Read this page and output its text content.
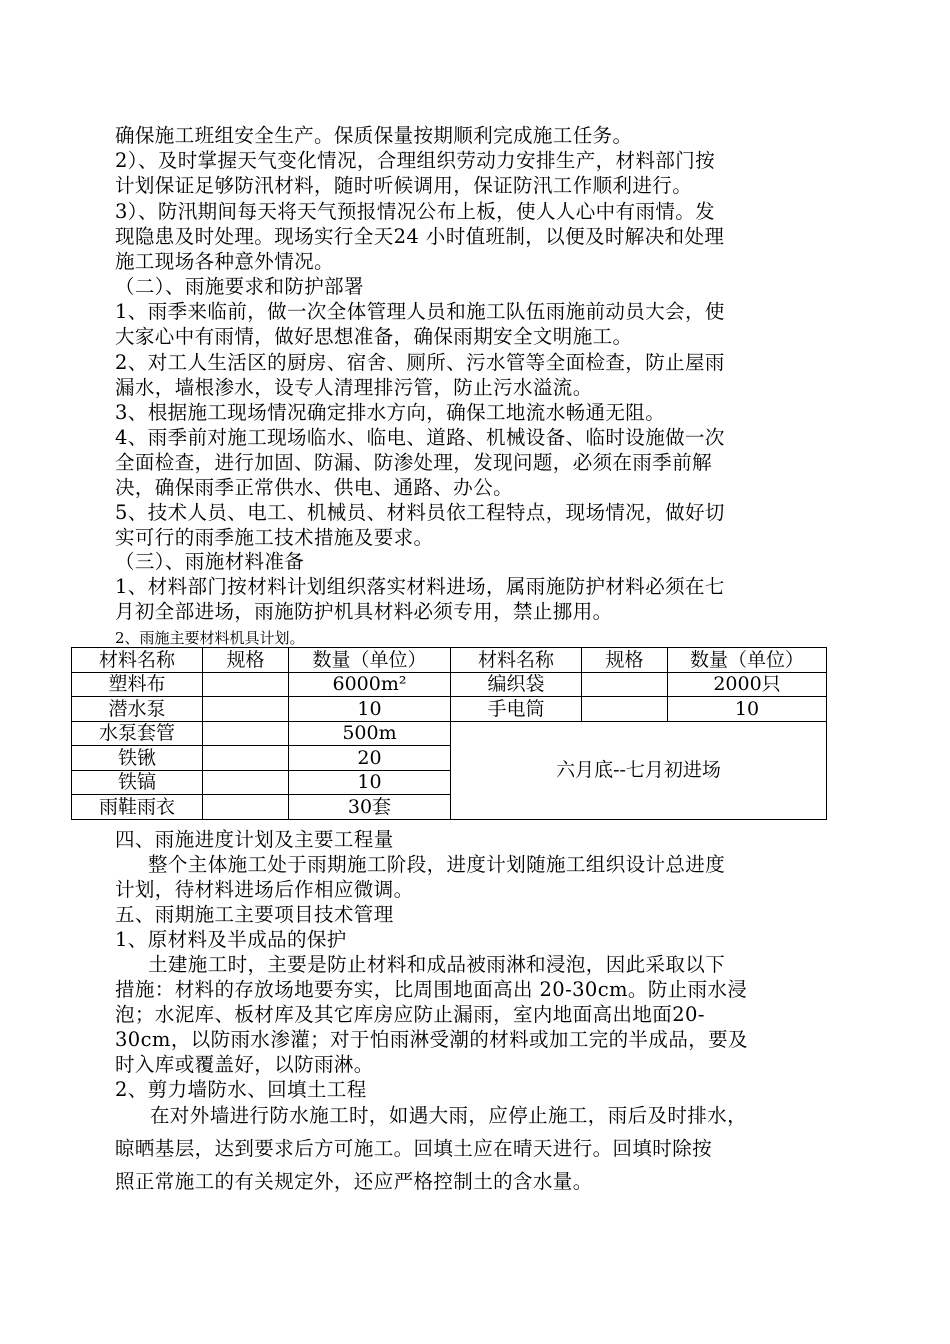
确保施工班组安全生产。保质保量按期顺利完成施工任务。
2）、及时掌握天气变化情况，合理组织劳动力安排生产，材料部门按
计划保证足够防汛材料，随时听候调用，保证防汛工作顺利进行。
3）、防汛期间每天将天气预报情况公布上板，使人人心中有雨情。发
现隐患及时处理。现场实行全天24 小时值班制，以便及时解决和处理
施工现场各种意外情况。
（二）、雨施要求和防护部署
1、雨季来临前，做一次全体管理人员和施工队伍雨施前动员大会，使
大家心中有雨情，做好思想准备，确保雨期安全文明施工。
2、对工人生活区的厨房、宿舍、厕所、污水管等全面检查，防止屋雨
漏水，墙根渗水，设专人清理排污管，防止污水溢流。
3、根据施工现场情况确定排水方向，确保工地流水畅通无阻。
4、雨季前对施工现场临水、临电、道路、机械设备、临时设施做一次
全面检查，进行加固、防漏、防渗处理，发现问题，必须在雨季前解
决，确保雨季正常供水、供电、通路、办公。
5、技术人员、电工、机械员、材料员依工程特点，现场情况，做好切
实可行的雨季施工技术措施及要求。
（三）、雨施材料准备
1、材料部门按材料计划组织落实材料进场，属雨施防护材料必须在七
月初全部进场，雨施防护机具材料必须专用，禁止挪用。
2、雨施主要材料机具计划。
材料名称	规格	数量（单位）	材料名称	规格	数量（单位）
塑料布		6000m²	编织袋		2000只
潜水泵		10	手电筒		10
水泵套管		500m	六月底--七月初进场		
铁锹		20			
铁镐		10			
雨鞋雨衣		30套			
四、雨施进度计划及主要工程量
整个主体施工处于雨期施工阶段，进度计划随施工组织设计总进度
计划，待材料进场后作相应微调。
五、雨期施工主要项目技术管理
1、原材料及半成品的保护
土建施工时，主要是防止材料和成品被雨淋和浸泡，因此采取以下
措施：材料的存放场地要夯实，比周围地面高出 20-30cm。防止雨水浸
泡；水泥库、板材库及其它库房应防止漏雨，室内地面高出地面20-
30cm，以防雨水渗灌；对于怕雨淋受潮的材料或加工完的半成品，要及
时入库或覆盖好，以防雨淋。
2、剪力墙防水、回填土工程
在对外墙进行防水施工时，如遇大雨，应停止施工，雨后及时排水，
晾晒基层，达到要求后方可施工。回填土应在晴天进行。回填时除按
照正常施工的有关规定外，还应严格控制土的含水量。
